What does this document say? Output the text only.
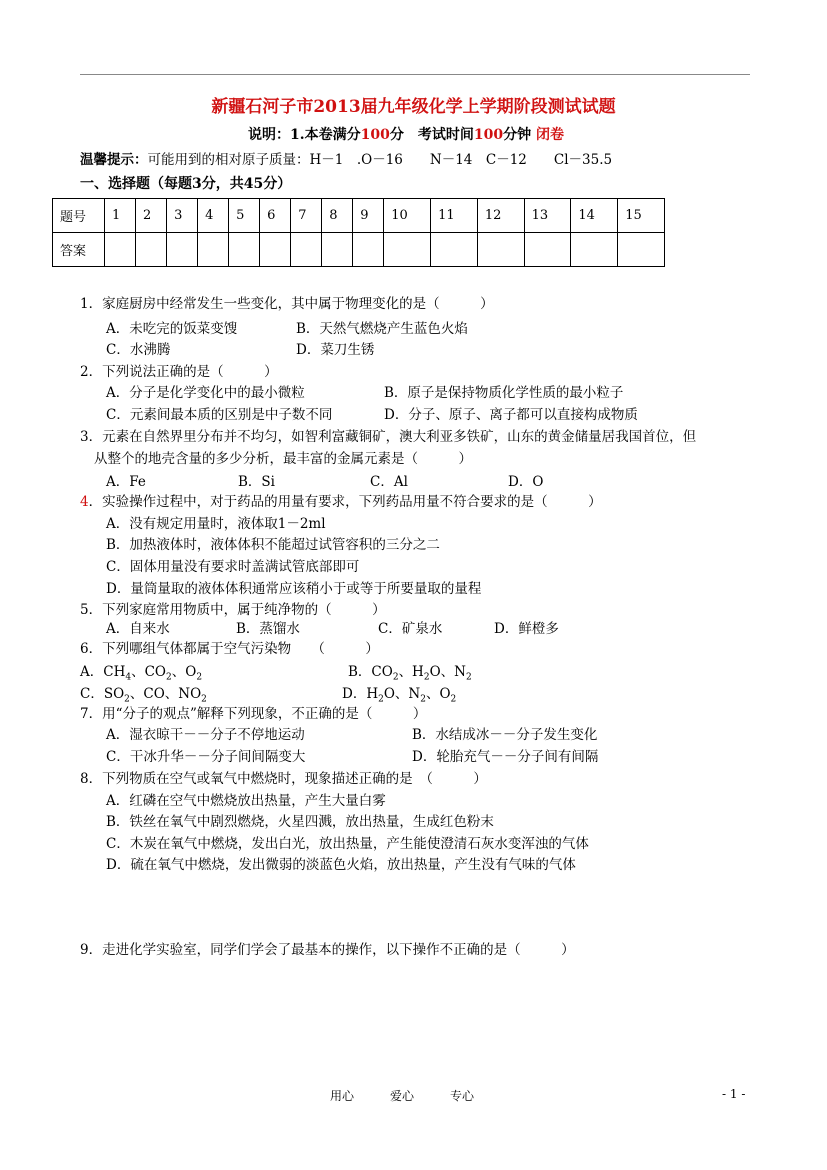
新疆石河子市2013届九年级化学上学期阶段测试试题
说明：1.本卷满分100分　考试时间100分钟 闭卷
温馨提示：可能用到的相对原子质量：H－1　.O－16　　N－14　C－12　　Cl－35.5
一、选择题（每题3分，共45分）
题号	1	2	3	4	5	6	7	8	9	10	11	12	13	14	15
答案															
1．家庭厨房中经常发生一些变化，其中属于物理变化的是（　　　）
A．未吃完的饭菜变馊	B．天然气燃烧产生蓝色火焰
C．水沸腾	D．菜刀生锈
2．下列说法正确的是（　　　）
A．分子是化学变化中的最小微粒	B．原子是保持物质化学性质的最小粒子
C．元素间最本质的区别是中子数不同	D．分子、原子、离子都可以直接构成物质
3．元素在自然界里分布并不均匀，如智利富藏铜矿，澳大利亚多铁矿，山东的黄金储量居我国首位，但
从整个的地壳含量的多少分析，最丰富的金属元素是（　　　）
A．Fe	B．Si	C．Al	D．O
4．实验操作过程中，对于药品的用量有要求，下列药品用量不符合要求的是（　　　）
A．没有规定用量时，液体取1－2ml
B．加热液体时，液体体积不能超过试管容积的三分之二
C．固体用量没有要求时盖满试管底部即可
D．量筒量取的液体体积通常应该稍小于或等于所要量取的量程
5．下列家庭常用物质中，属于纯净物的（　　　）
A．自来水	B．蒸馏水	C．矿泉水	D．鲜橙多
6．下列哪组气体都属于空气污染物　　（　　　）
A．$CH_4$、$CO_2$、$O_2$	B．$CO_2$、$H_2O$、$N_2$
C．$SO_2$、CO、$NO_2$	D．$H_2O$、$N_2$、$O_2$
7．用“分子的观点”解释下列现象，不正确的是（　　　）
A．湿衣晾干－－分子不停地运动	B．水结成冰－－分子发生变化
C．干冰升华－－分子间间隔变大	D．轮胎充气－－分子间有间隔
8．下列物质在空气或氧气中燃烧时，现象描述正确的是　（　　　）
A．红磷在空气中燃烧放出热量，产生大量白雾
B．铁丝在氧气中剧烈燃烧，火星四溅，放出热量，生成红色粉末
C．木炭在氧气中燃烧，发出白光，放出热量，产生能使澄清石灰水变浑浊的气体
D．硫在氧气中燃烧，发出微弱的淡蓝色火焰，放出热量，产生没有气味的气体
9．走进化学实验室，同学们学会了最基本的操作，以下操作不正确的是（　　　）
用心　　　爱心　　　专心	- 1 -
